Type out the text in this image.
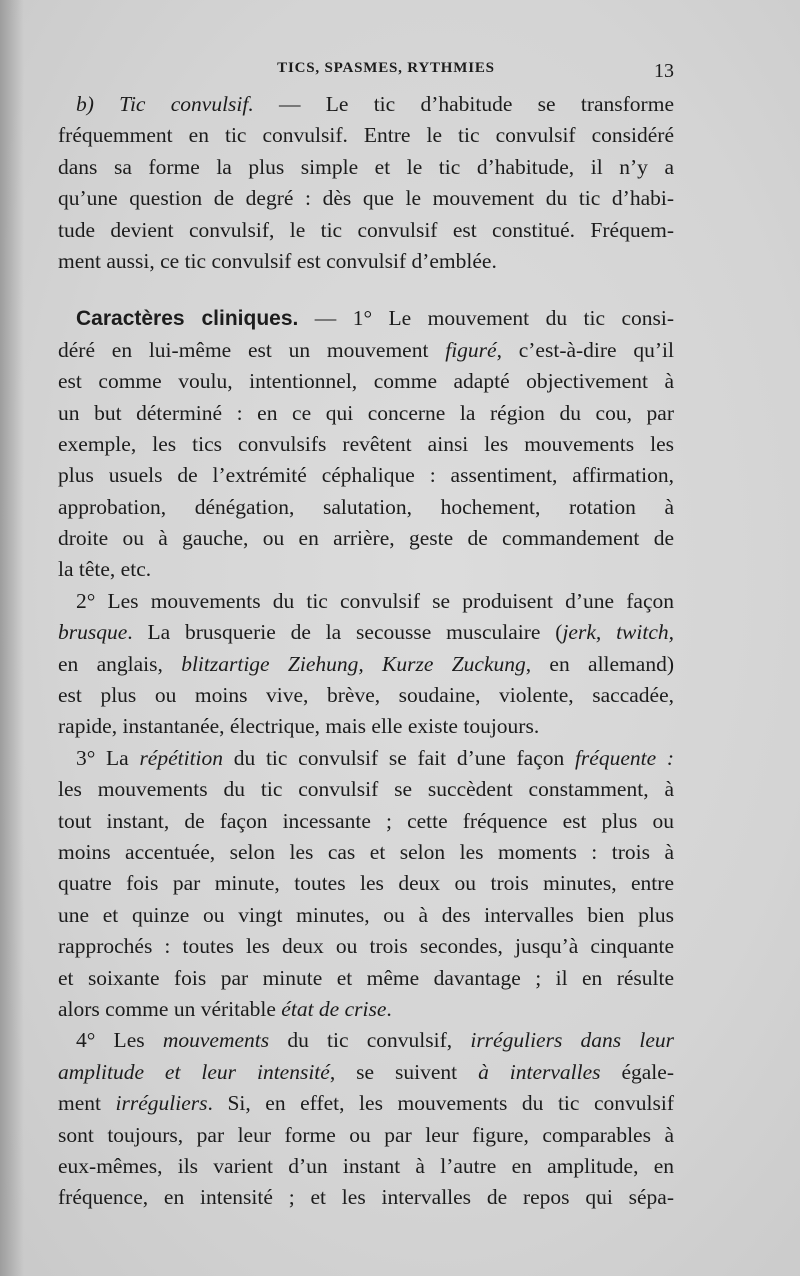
TICS, SPASMES, RYTHMIES	13
b) Tic convulsif. — Le tic d’habitude se transforme
fréquemment en tic convulsif. Entre le tic convulsif considéré
dans sa forme la plus simple et le tic d’habitude, il n’y a
qu’une question de degré : dès que le mouvement du tic d’habi-
tude devient convulsif, le tic convulsif est constitué. Fréquem-
ment aussi, ce tic convulsif est convulsif d’emblée.
Caractères cliniques. — 1° Le mouvement du tic consi-
déré en lui-même est un mouvement figuré, c’est-à-dire qu’il
est comme voulu, intentionnel, comme adapté objectivement à
un but déterminé : en ce qui concerne la région du cou, par
exemple, les tics convulsifs revêtent ainsi les mouvements les
plus usuels de l’extrémité céphalique : assentiment, affirmation,
approbation, dénégation, salutation, hochement, rotation à
droite ou à gauche, ou en arrière, geste de commandement de
la tête, etc.
2° Les mouvements du tic convulsif se produisent d’une façon
brusque. La brusquerie de la secousse musculaire (jerk, twitch,
en anglais, blitzartige Ziehung, Kurze Zuckung, en allemand)
est plus ou moins vive, brève, soudaine, violente, saccadée,
rapide, instantanée, électrique, mais elle existe toujours.
3° La répétition du tic convulsif se fait d’une façon fréquente :
les mouvements du tic convulsif se succèdent constamment, à
tout instant, de façon incessante ; cette fréquence est plus ou
moins accentuée, selon les cas et selon les moments : trois à
quatre fois par minute, toutes les deux ou trois minutes, entre
une et quinze ou vingt minutes, ou à des intervalles bien plus
rapprochés : toutes les deux ou trois secondes, jusqu’à cinquante
et soixante fois par minute et même davantage ; il en résulte
alors comme un véritable état de crise.
4° Les mouvements du tic convulsif, irréguliers dans leur
amplitude et leur intensité, se suivent à intervalles égale-
ment irréguliers. Si, en effet, les mouvements du tic convulsif
sont toujours, par leur forme ou par leur figure, comparables à
eux-mêmes, ils varient d’un instant à l’autre en amplitude, en
fréquence, en intensité ; et les intervalles de repos qui sépa-
